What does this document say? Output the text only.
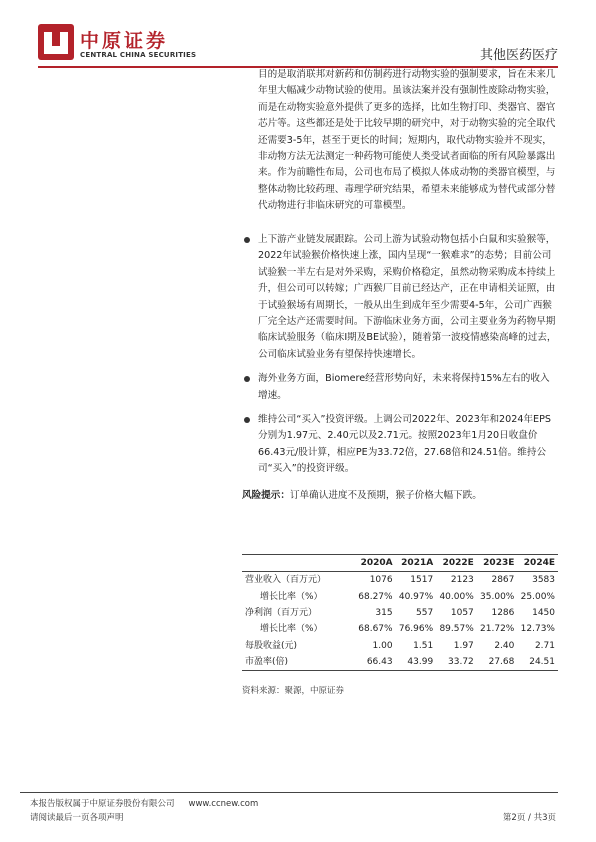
中原证券
CENTRAL CHINA SECURITIES	其他医药医疗
目的是取消联邦对新药和仿制药进行动物实验的强制要求，旨在未来几年里大幅减少动物试验的使用。虽该法案并没有强制性废除动物实验，而是在动物实验意外提供了更多的选择，比如生物打印、类器官、器官芯片等。这些都还是处于比较早期的研究中，对于动物实验的完全取代还需要3-5年，甚至于更长的时间；短期内，取代动物实验并不现实，非动物方法无法测定一种药物可能使人类受试者面临的所有风险暴露出来。作为前瞻性布局，公司也布局了模拟人体成动物的类器官模型，与整体动物比较药理、毒理学研究结果，希望未来能够成为替代或部分替代动物进行非临床研究的可靠模型。
上下游产业链发展跟踪。公司上游为试验动物包括小白鼠和实验猴等，2022年试验猴价格快速上涨，国内呈现“一猴难求”的态势；目前公司试验猴一半左右是对外采购，采购价格稳定，虽然动物采购成本持续上升，但公司可以转嫁；广西猴厂目前已经达产，正在申请相关证照，由于试验猴场有周期长，一般从出生到成年至少需要4-5年，公司广西猴厂完全达产还需要时间。下游临床业务方面，公司主要业务为药物早期临床试验服务（临床I期及BE试验），随着第一波疫情感染高峰的过去，公司临床试验业务有望保持快速增长。
海外业务方面，Biomere经营形势向好，未来将保持15%左右的收入增速。
维持公司“买入”投资评级。上调公司2022年、2023年和2024年EPS分别为1.97元、2.40元以及2.71元。按照2023年1月20日收盘价66.43元/股计算，相应PE为33.72倍，27.68倍和24.51倍。维持公司“买入”的投资评级。
风险提示：订单确认进度不及预期，猴子价格大幅下跌。
	2020A	2021A	2022E	2023E	2024E
营业收入（百万元）	1076	1517	2123	2867	3583
增长比率（%）	68.27%	40.97%	40.00%	35.00%	25.00%
净利润（百万元）	315	557	1057	1286	1450
增长比率（%）	68.67%	76.96%	89.57%	21.72%	12.73%
每股收益(元)	1.00	1.51	1.97	2.40	2.71
市盈率(倍)	66.43	43.99	33.72	27.68	24.51
资料来源：聚源，中原证券
本报告版权属于中原证券股份有限公司 www.ccnew.com
请阅读最后一页各项声明	第2页 / 共3页
